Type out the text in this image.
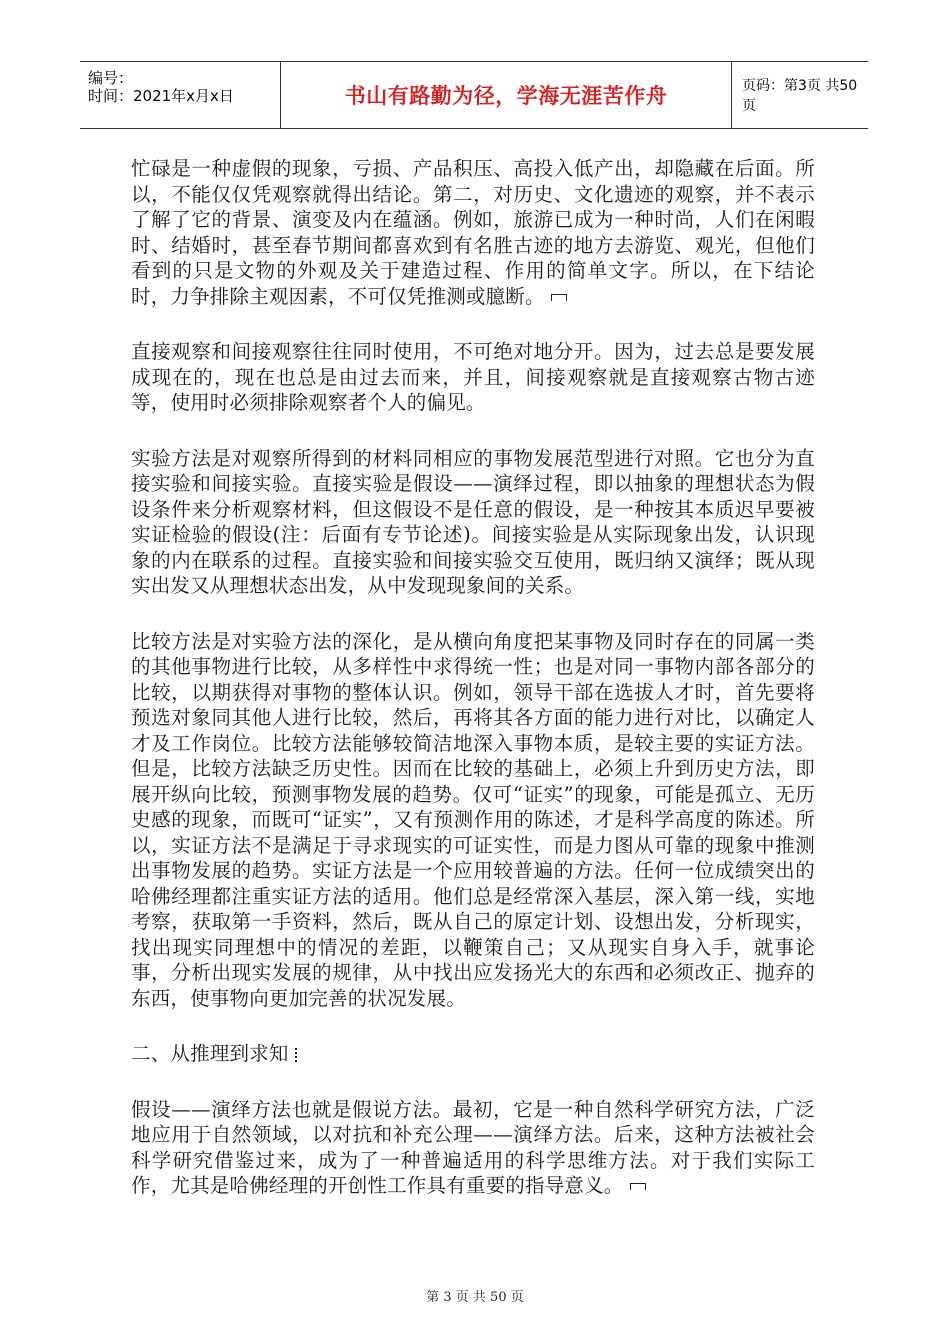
编号：
时间：2021年x月x日	书山有路勤为径，学海无涯苦作舟	页码：第3页 共50页

忙碌是一种虚假的现象，亏损、产品积压、高投入低产出，却隐藏在后面。所以，不能仅仅凭观察就得出结论。第二，对历史、文化遗迹的观察，并不表示了解了它的背景、演变及内在蕴涵。例如，旅游已成为一种时尚，人们在闲暇时、结婚时，甚至春节期间都喜欢到有名胜古迹的地方去游览、观光，但他们看到的只是文物的外观及关于建造过程、作用的简单文字。所以，在下结论时，力争排除主观因素，不可仅凭推测或臆断。

直接观察和间接观察往往同时使用，不可绝对地分开。因为，过去总是要发展成现在的，现在也总是由过去而来，并且，间接观察就是直接观察古物古迹等，使用时必须排除观察者个人的偏见。

实验方法是对观察所得到的材料同相应的事物发展范型进行对照。它也分为直接实验和间接实验。直接实验是假设——演绎过程，即以抽象的理想状态为假设条件来分析观察材料，但这假设不是任意的假设，是一种按其本质迟早要被实证检验的假设(注：后面有专节论述)。间接实验是从实际现象出发，认识现象的内在联系的过程。直接实验和间接实验交互使用，既归纳又演绎；既从现实出发又从理想状态出发，从中发现现象间的关系。

比较方法是对实验方法的深化，是从横向角度把某事物及同时存在的同属一类的其他事物进行比较，从多样性中求得统一性；也是对同一事物内部各部分的比较，以期获得对事物的整体认识。例如，领导干部在选拔人才时，首先要将预选对象同其他人进行比较，然后，再将其各方面的能力进行对比，以确定人才及工作岗位。比较方法能够较简洁地深入事物本质，是较主要的实证方法。但是，比较方法缺乏历史性。因而在比较的基础上，必须上升到历史方法，即展开纵向比较，预测事物发展的趋势。仅可“证实”的现象，可能是孤立、无历史感的现象，而既可“证实”，又有预测作用的陈述，才是科学高度的陈述。所以，实证方法不是满足于寻求现实的可证实性，而是力图从可靠的现象中推测出事物发展的趋势。实证方法是一个应用较普遍的方法。任何一位成绩突出的哈佛经理都注重实证方法的适用。他们总是经常深入基层，深入第一线，实地考察，获取第一手资料，然后，既从自己的原定计划、设想出发，分析现实，找出现实同理想中的情况的差距，以鞭策自己；又从现实自身入手，就事论事，分析出现实发展的规律，从中找出应发扬光大的东西和必须改正、抛弃的东西，使事物向更加完善的状况发展。

二、从推理到求知

假设——演绎方法也就是假说方法。最初，它是一种自然科学研究方法，广泛地应用于自然领域，以对抗和补充公理——演绎方法。后来，这种方法被社会科学研究借鉴过来，成为了一种普遍适用的科学思维方法。对于我们实际工作，尤其是哈佛经理的开创性工作具有重要的指导意义。

第 3 页 共 50 页
